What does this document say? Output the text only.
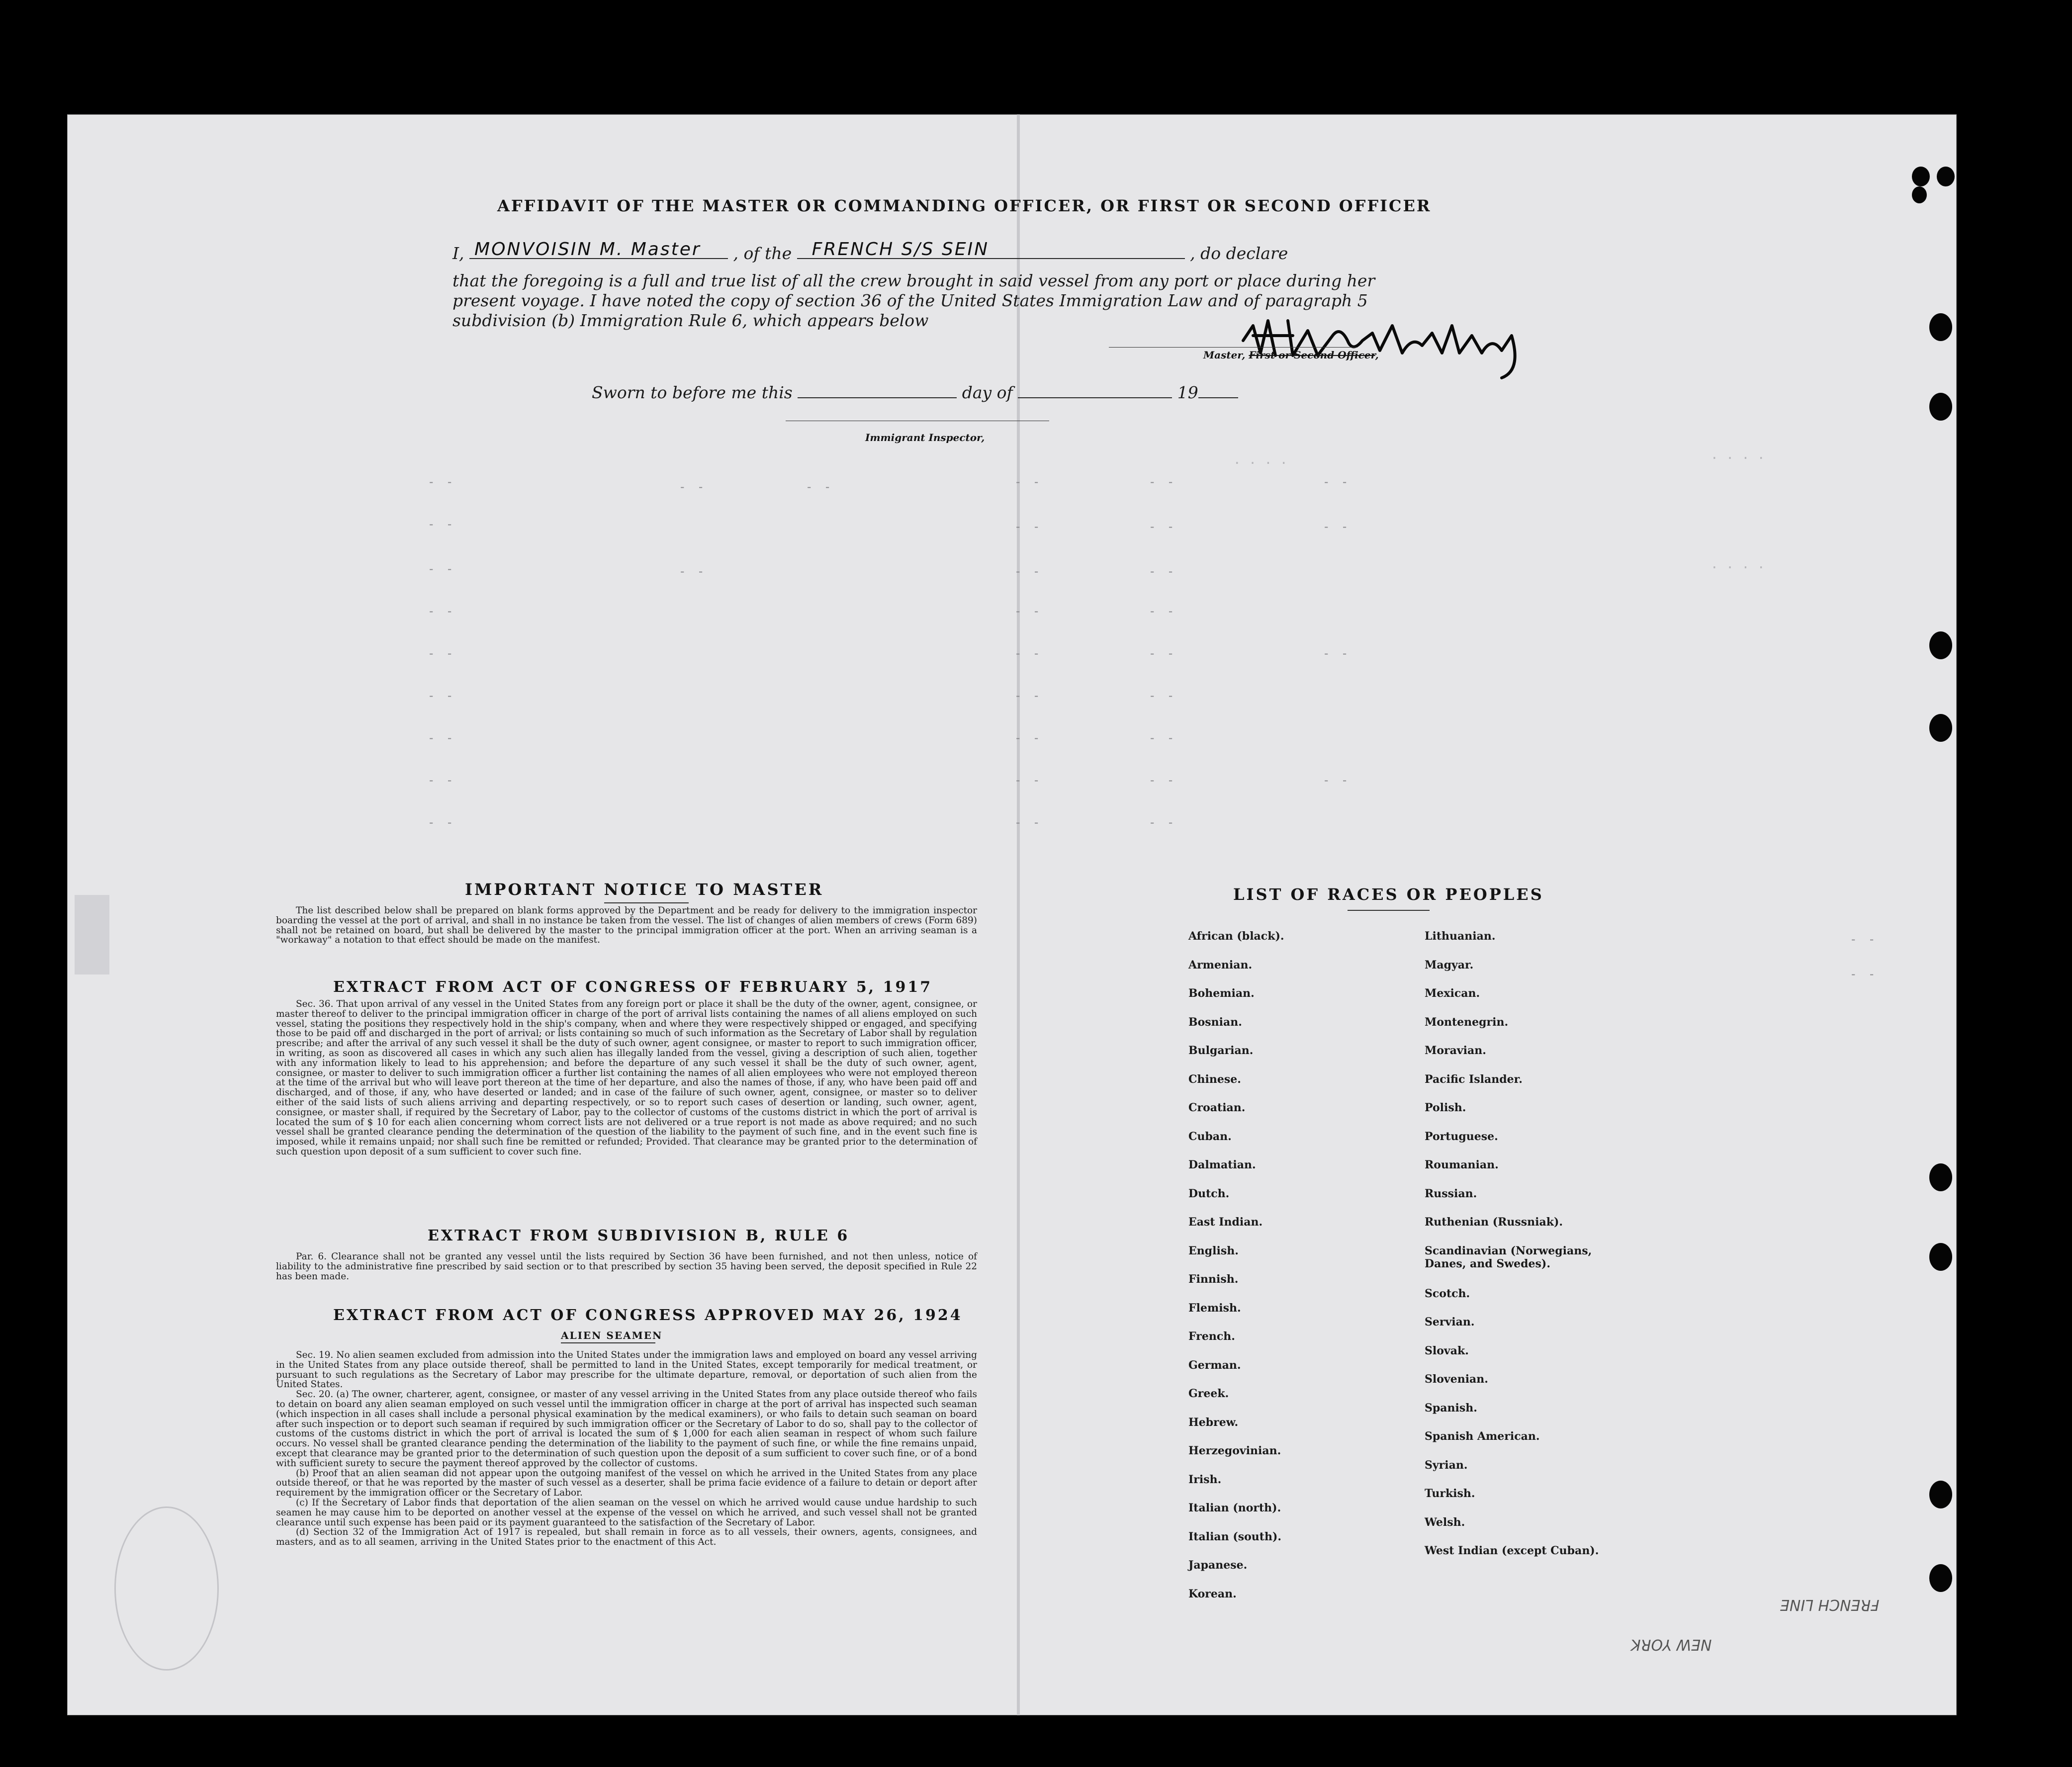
- -	- -	- -	- -	- -	- -
- -	- -	- -	- -
- -	- -	- -	- -
- -	- -	- -
- -	- -	- -	- -
- -	- -	- -
- -	- -	- -
- -	- -	- -	- -
- -	- -	- -
- -
- -
. . . .	. . . .
. . . .
AFFIDAVIT OF THE MASTER OR COMMANDING OFFICER, OR FIRST OR SECOND OFFICER
I, MONVOISIN M. Master , of the FRENCH S/S SEIN	, do declare
that the foregoing is a full and true list of all the crew brought in said vessel from any port or place during her
present voyage. I have noted the copy of section 36 of the United States Immigration Law and of paragraph 5
subdivision (b) Immigration Rule 6, which appears below
Master, First or Second Officer,
Sworn to before me this	day of	19
Immigrant Inspector,
IMPORTANT NOTICE TO MASTER

The list described below shall be prepared on blank forms approved by the Department and be ready for delivery to the immigration inspector boarding the vessel at the port of arrival, and shall in no instance be taken from the vessel. The list of changes of alien members of crews (Form 689) shall not be retained on board, but shall be delivered by the master to the principal immigration officer at the port. When an arriving seaman is a "workaway" a notation to that effect should be made on the manifest.

EXTRACT FROM ACT OF CONGRESS OF FEBRUARY 5, 1917

Sec. 36. That upon arrival of any vessel in the United States from any foreign port or place it shall be the duty of the owner, agent, consignee, or master thereof to deliver to the principal immigration officer in charge of the port of arrival lists containing the names of all aliens employed on such vessel, stating the positions they respectively hold in the ship's company, when and where they were respectively shipped or engaged, and specifying those to be paid off and discharged in the port of arrival; or lists containing so much of such information as the Secretary of Labor shall by regulation prescribe; and after the arrival of any such vessel it shall be the duty of such owner, agent consignee, or master to report to such immigration officer, in writing, as soon as discovered all cases in which any such alien has illegally landed from the vessel, giving a description of such alien, together with any information likely to lead to his apprehension; and before the departure of any such vessel it shall be the duty of such owner, agent, consignee, or master to deliver to such immigration officer a further list containing the names of all alien employees who were not employed thereon at the time of the arrival but who will leave port thereon at the time of her departure, and also the names of those, if any, who have been paid off and discharged, and of those, if any, who have deserted or landed; and in case of the failure of such owner, agent, consignee, or master so to deliver either of the said lists of such aliens arriving and departing respectively, or so to report such cases of desertion or landing, such owner, agent, consignee, or master shall, if required by the Secretary of Labor, pay to the collector of customs of the customs district in which the port of arrival is located the sum of $ 10 for each alien concerning whom correct lists are not delivered or a true report is not made as above required; and no such vessel shall be granted clearance pending the determination of the question of the liability to the payment of such fine, and in the event such fine is imposed, while it remains unpaid; nor shall such fine be remitted or refunded; Provided. That clearance may be granted prior to the determination of such question upon deposit of a sum sufficient to cover such fine.

EXTRACT FROM SUBDIVISION B, RULE 6

Par. 6. Clearance shall not be granted any vessel until the lists required by Section 36 have been furnished, and not then unless, notice of liability to the administrative fine prescribed by said section or to that prescribed by section 35 having been served, the deposit specified in Rule 22 has been made.

EXTRACT FROM ACT OF CONGRESS APPROVED MAY 26, 1924
ALIEN SEAMEN

Sec. 19. No alien seamen excluded from admission into the United States under the immigration laws and employed on board any vessel arriving in the United States from any place outside thereof, shall be permitted to land in the United States, except temporarily for medical treatment, or pursuant to such regulations as the Secretary of Labor may prescribe for the ultimate departure, removal, or deportation of such alien from the United States.

Sec. 20. (a) The owner, charterer, agent, consignee, or master of any vessel arriving in the United States from any place outside thereof who fails to detain on board any alien seaman employed on such vessel until the immigration officer in charge at the port of arrival has inspected such seaman (which inspection in all cases shall include a personal physical examination by the medical examiners), or who fails to detain such seaman on board after such inspection or to deport such seaman if required by such immigration officer or the Secretary of Labor to do so, shall pay to the collector of customs of the customs district in which the port of arrival is located the sum of $ 1,000 for each alien seaman in respect of whom such failure occurs. No vessel shall be granted clearance pending the determination of the liability to the payment of such fine, or while the fine remains unpaid, except that clearance may be granted prior to the determination of such question upon the deposit of a sum sufficient to cover such fine, or of a bond with sufficient surety to secure the payment thereof approved by the collector of customs.

(b) Proof that an alien seaman did not appear upon the outgoing manifest of the vessel on which he arrived in the United States from any place outside thereof, or that he was reported by the master of such vessel as a deserter, shall be prima facie evidence of a failure to detain or deport after requirement by the immigration officer or the Secretary of Labor.

(c) If the Secretary of Labor finds that deportation of the alien seaman on the vessel on which he arrived would cause undue hardship to such seamen he may cause him to be deported on another vessel at the expense of the vessel on which he arrived, and such vessel shall not be granted clearance until such expense has been paid or its payment guaranteed to the satisfaction of the Secretary of Labor.

(d) Section 32 of the Immigration Act of 1917 is repealed, but shall remain in force as to all vessels, their owners, agents, consignees, and masters, and as to all seamen, arriving in the United States prior to the enactment of this Act.

LIST OF RACES OR PEOPLES
African (black).
Armenian.
Bohemian.
Bosnian.
Bulgarian.
Chinese.
Croatian.
Cuban.
Dalmatian.
Dutch.
East Indian.
English.
Finnish.
Flemish.
French.
German.
Greek.
Hebrew.
Herzegovinian.
Irish.
Italian (north).
Italian (south).
Japanese.
Korean.
Lithuanian.
Magyar.
Mexican.
Montenegrin.
Moravian.
Pacific Islander.
Polish.
Portuguese.
Roumanian.
Russian.
Ruthenian (Russniak).
Scandinavian (Norwegians, Danes, and Swedes).
Scotch.
Servian.
Slovak.
Slovenian.
Spanish.
Spanish American.
Syrian.
Turkish.
Welsh.
West Indian (except Cuban).
FRENCH LINE
NEW YORK
